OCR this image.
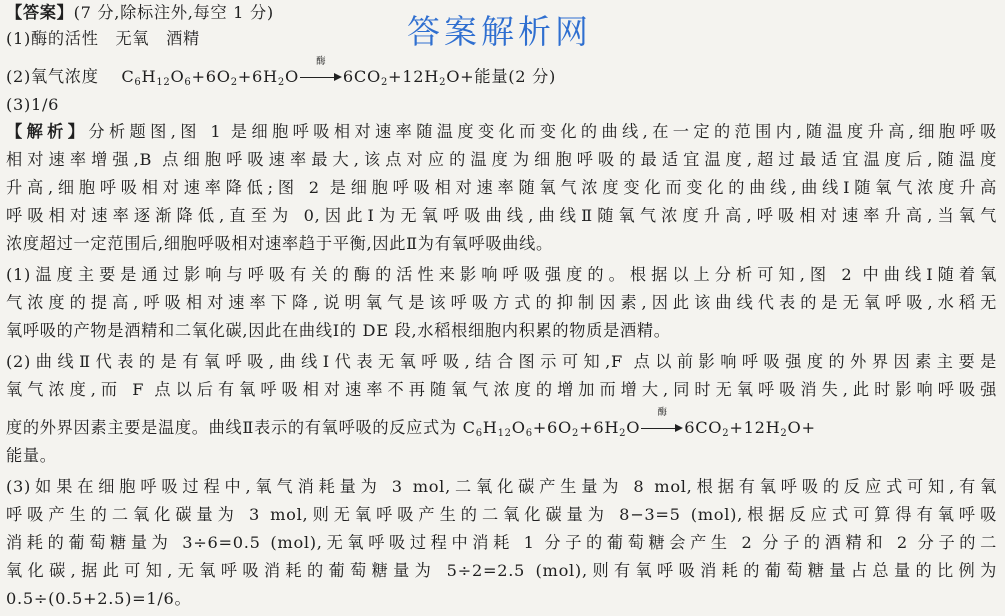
答案解析网
【答案】(7 分,除标注外,每空 1 分)
(1)酶的活性　无氧　酒精
(2)氧气浓度　 $C_6H_{12}O_6+6O_2+6H_2O$
酶
$6CO_2+12H_2O+$能量(2 分)
(3)1/6
【解析】分析题图,图 1 是细胞呼吸相对速率随温度变化而变化的曲线,在一定的范围内,随温度升高,细胞呼吸
相对速率增强,B 点细胞呼吸速率最大,该点对应的温度为细胞呼吸的最适宜温度,超过最适宜温度后,随温度
升高,细胞呼吸相对速率降低;图 2 是细胞呼吸相对速率随氧气浓度变化而变化的曲线,曲线Ⅰ随氧气浓度升高
呼吸相对速率逐渐降低,直至为 0,因此Ⅰ为无氧呼吸曲线,曲线Ⅱ随氧气浓度升高,呼吸相对速率升高,当氧气
浓度超过一定范围后,细胞呼吸相对速率趋于平衡,因此Ⅱ为有氧呼吸曲线。
(1)温度主要是通过影响与呼吸有关的酶的活性来影响呼吸强度的。根据以上分析可知,图 2 中曲线Ⅰ随着氧
气浓度的提高,呼吸相对速率下降,说明氧气是该呼吸方式的抑制因素,因此该曲线代表的是无氧呼吸,水稻无
氧呼吸的产物是酒精和二氧化碳,因此在曲线Ⅰ的 DE 段,水稻根细胞内积累的物质是酒精。
(2)曲线Ⅱ代表的是有氧呼吸,曲线Ⅰ代表无氧呼吸,结合图示可知,F 点以前影响呼吸强度的外界因素主要是
氧气浓度,而 F 点以后有氧呼吸相对速率不再随氧气浓度的增加而增大,同时无氧呼吸消失,此时影响呼吸强
度的外界因素主要是温度。曲线Ⅱ表示的有氧呼吸的反应式为 $C_6H_{12}O_6+6O_2+6H_2O$
酶
$6CO_2+12H_2O+$
能量。
(3)如果在细胞呼吸过程中,氧气消耗量为 3 mol,二氧化碳产生量为 8 mol,根据有氧呼吸的反应式可知,有氧
呼吸产生的二氧化碳量为 3 mol,则无氧呼吸产生的二氧化碳量为 8−3=5 (mol),根据反应式可算得有氧呼吸
消耗的葡萄糖量为 3÷6=0.5 (mol),无氧呼吸过程中消耗 1 分子的葡萄糖会产生 2 分子的酒精和 2 分子的二
氧化碳,据此可知,无氧呼吸消耗的葡萄糖量为 5÷2=2.5 (mol),则有氧呼吸消耗的葡萄糖量占总量的比例为
0.5÷(0.5+2.5)=1/6。
